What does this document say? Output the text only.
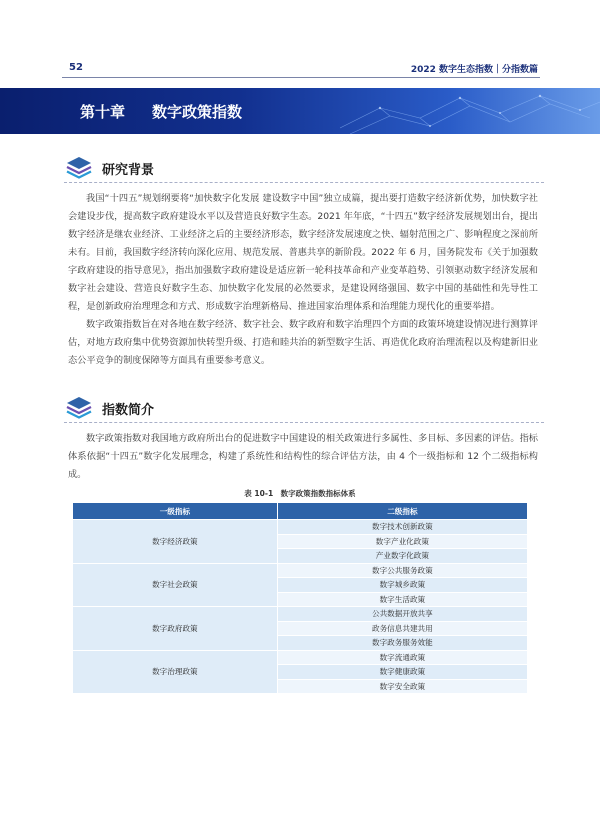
52	2022 数字生态指数｜分指数篇
第十章 数字政策指数
研究背景

我国“十四五”规划纲要将“加快数字化发展 建设数字中国”独立成篇，提出要打造数字经济新优势，加快数字社会建设步伐，提高数字政府建设水平以及营造良好数字生态。2021 年年底，“十四五”数字经济发展规划出台，提出数字经济是继农业经济、工业经济之后的主要经济形态，数字经济发展速度之快、辐射范围之广、影响程度之深前所未有。目前，我国数字经济转向深化应用、规范发展、普惠共享的新阶段。2022 年 6 月，国务院发布《关于加强数字政府建设的指导意见》，指出加强数字政府建设是适应新一轮科技革命和产业变革趋势、引领驱动数字经济发展和数字社会建设、营造良好数字生态、加快数字化发展的必然要求，是建设网络强国、数字中国的基础性和先导性工程，是创新政府治理理念和方式、形成数字治理新格局、推进国家治理体系和治理能力现代化的重要举措。

数字政策指数旨在对各地在数字经济、数字社会、数字政府和数字治理四个方面的政策环境建设情况进行测算评估，对地方政府集中优势资源加快转型升级、打造和睦共治的新型数字生活、再造优化政府治理流程以及构建新旧业态公平竞争的制度保障等方面具有重要参考意义。

指数简介

数字政策指数对我国地方政府所出台的促进数字中国建设的相关政策进行多属性、多目标、多因素的评估。指标体系依据“十四五”数字化发展理念，构建了系统性和结构性的综合评估方法，由 4 个一级指标和 12 个二级指标构成。

表 10-1　数字政策指数指标体系
一级指标	二级指标
数字经济政策	数字技术创新政策
	数字产业化政策
	产业数字化政策
数字社会政策	数字公共服务政策
	数字城乡政策
	数字生活政策
数字政府政策	公共数据开放共享
	政务信息共建共用
	数字政务服务效能
数字治理政策	数字流通政策
	数字健康政策
	数字安全政策
